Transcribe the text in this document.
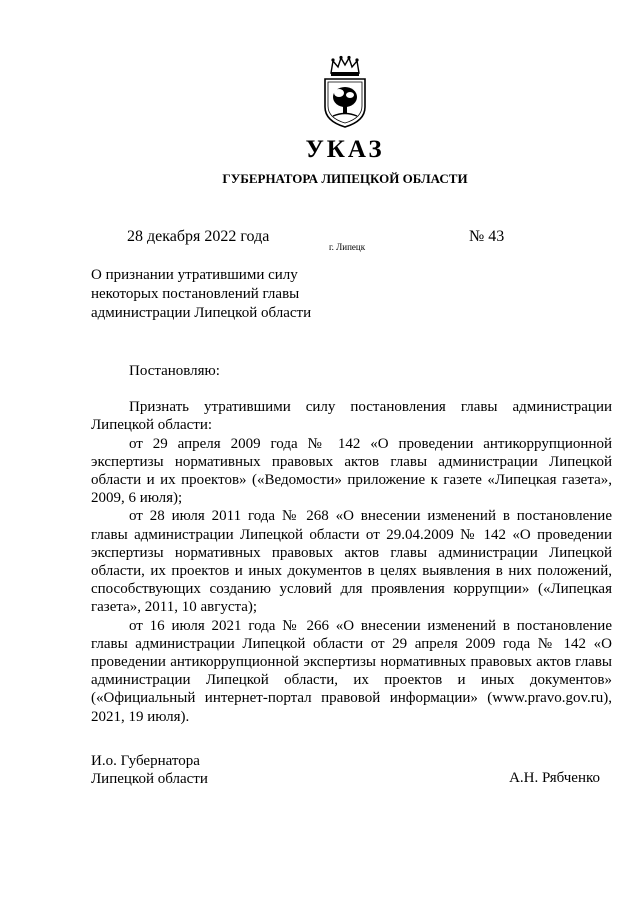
УКАЗ
ГУБЕРНАТОРА ЛИПЕЦКОЙ ОБЛАСТИ
28 декабря 2022 года
г. Липецк
№ 43
О признании утратившими силу
некоторых постановлений главы
администрации Липецкой области

Постановляю:

Признать утратившими силу постановления главы администрации Липецкой области:

от 29 апреля 2009 года № 142 «О проведении антикоррупционной экспертизы нормативных правовых актов главы администрации Липецкой области и их проектов» («Ведомости» приложение к газете «Липецкая газета», 2009, 6 июля);

от 28 июля 2011 года № 268 «О внесении изменений в постановление главы администрации Липецкой области от 29.04.2009 № 142 «О проведении экспертизы нормативных правовых актов главы администрации Липецкой области, их проектов и иных документов в целях выявления в них положений, способствующих созданию условий для проявления коррупции» («Липецкая газета», 2011, 10 августа);

от 16 июля 2021 года № 266 «О внесении изменений в постановление главы администрации Липецкой области от 29 апреля 2009 года № 142 «О проведении антикоррупционной экспертизы нормативных правовых актов главы администрации Липецкой области, их проектов и иных документов» («Официальный интернет-портал правовой информации» (www.pravo.gov.ru), 2021, 19 июля).

И.о. Губернатора
Липецкой области	А.Н. Рябченко
